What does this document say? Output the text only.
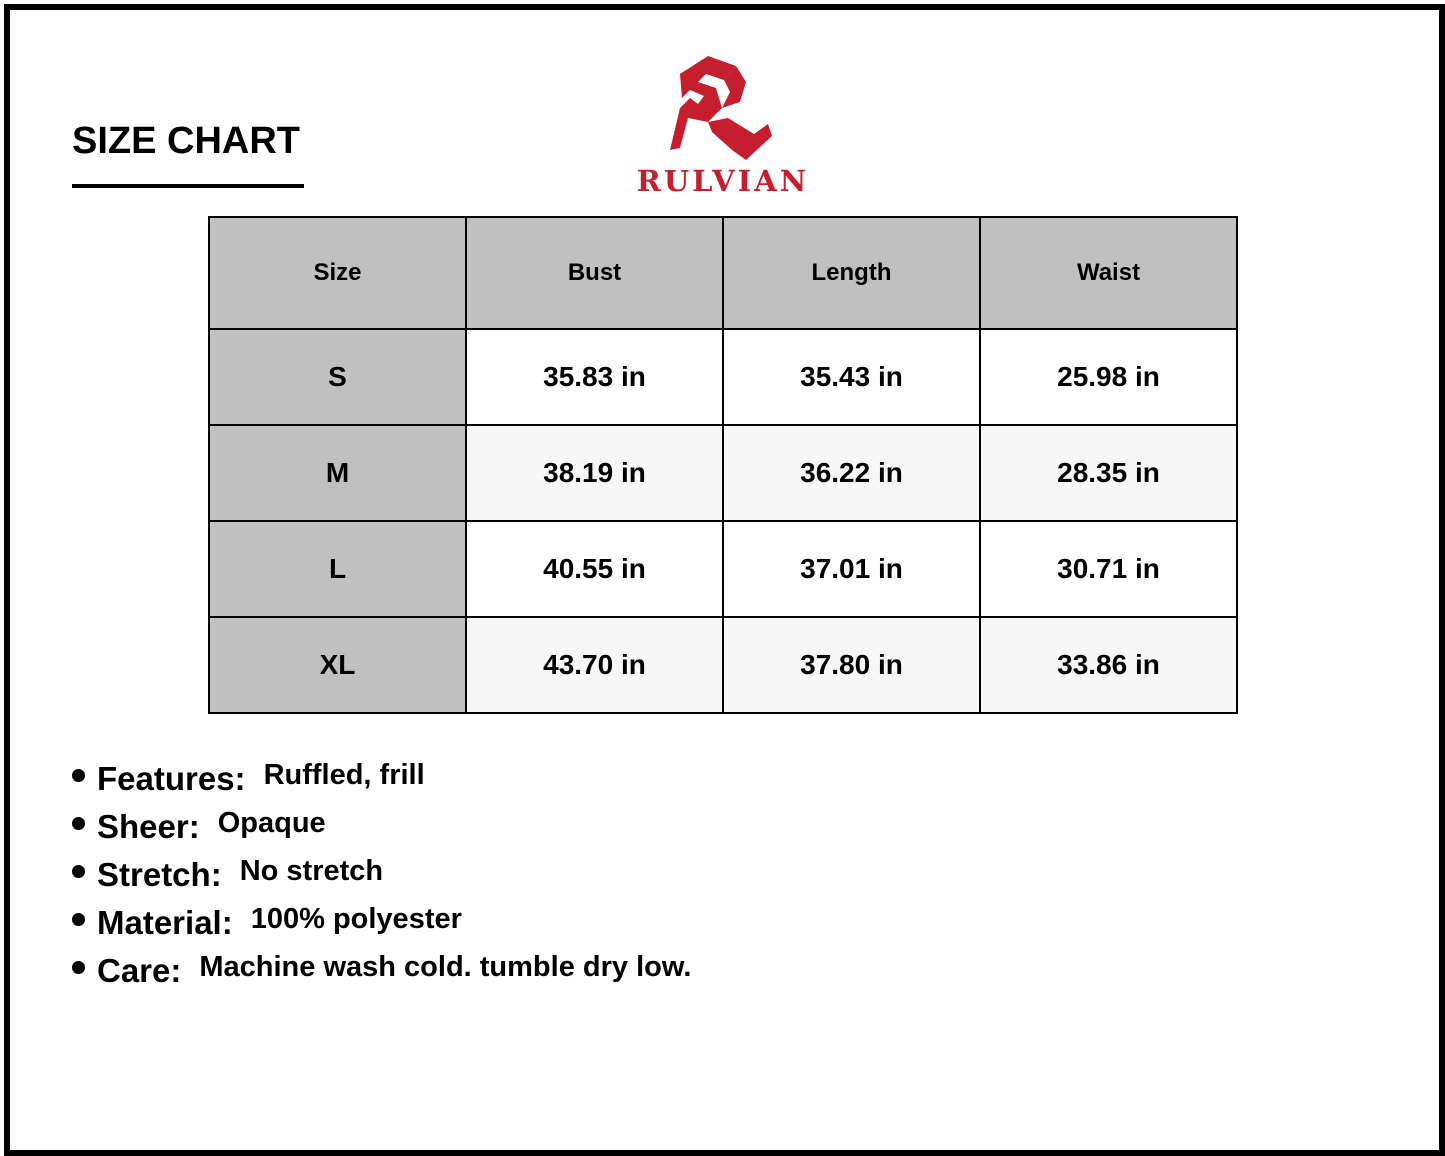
SIZE CHART
RULVIAN
Size	Bust	Length	Waist
S	35.83 in	35.43 in	25.98 in
M	38.19 in	36.22 in	28.35 in
L	40.55 in	37.01 in	30.71 in
XL	43.70 in	37.80 in	33.86 in
Features: Ruffled, frill
Sheer: Opaque
Stretch: No stretch
Material: 100% polyester
Care: Machine wash cold. tumble dry low.
